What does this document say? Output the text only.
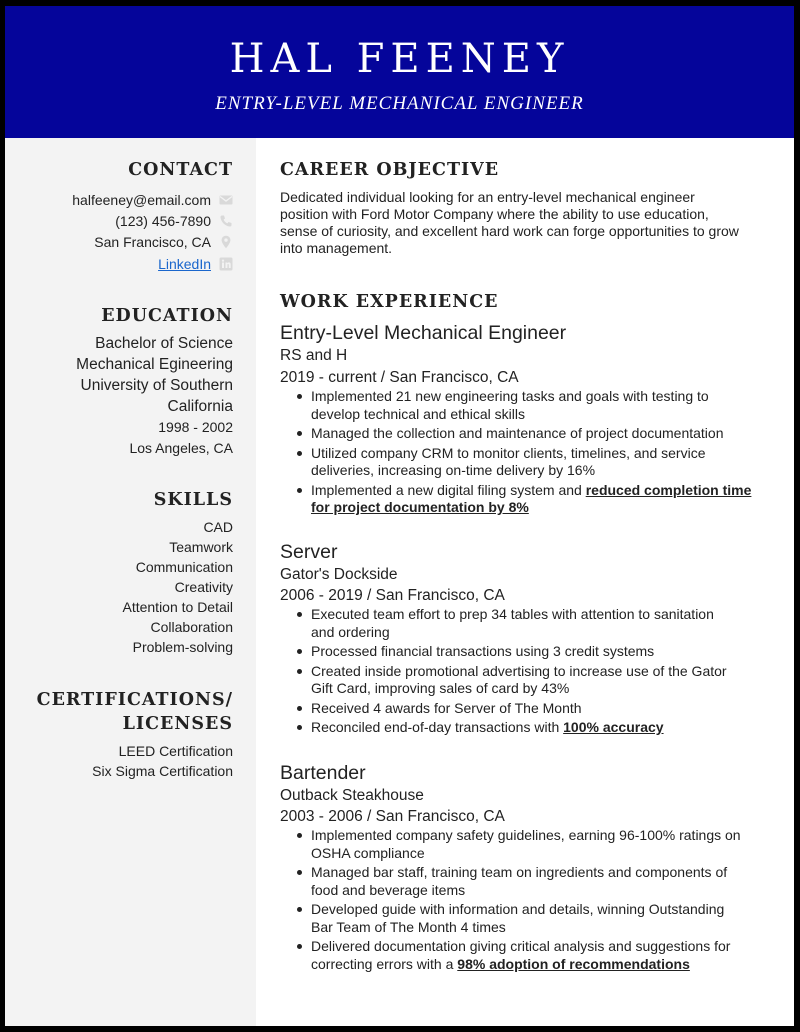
HAL FEENEY
ENTRY-LEVEL MECHANICAL ENGINEER
CONTACT
halfeeney@email.com
(123) 456-7890
San Francisco, CA
LinkedIn
EDUCATION
Bachelor of Science
Mechanical Egineering
University of Southern
California
1998 - 2002
Los Angeles, CA
SKILLS
CAD
Teamwork
Communication
Creativity
Attention to Detail
Collaboration
Problem-solving
CERTIFICATIONS/
LICENSES
LEED Certification
Six Sigma Certification
CAREER OBJECTIVE
Dedicated individual looking for an entry-level mechanical engineer
position with Ford Motor Company where the ability to use education,
sense of curiosity, and excellent hard work can forge opportunities to grow
into management.
WORK EXPERIENCE
Entry-Level Mechanical Engineer
RS and H
2019 - current / San Francisco, CA
Implemented 21 new engineering tasks and goals with testing to
develop technical and ethical skills
Managed the collection and maintenance of project documentation
Utilized company CRM to monitor clients, timelines, and service
deliveries, increasing on-time delivery by 16%
Implemented a new digital filing system and reduced completion time
for project documentation by 8%
Server
Gator's Dockside
2006 - 2019 / San Francisco, CA
Executed team effort to prep 34 tables with attention to sanitation
and ordering
Processed financial transactions using 3 credit systems
Created inside promotional advertising to increase use of the Gator
Gift Card, improving sales of card by 43%
Received 4 awards for Server of The Month
Reconciled end-of-day transactions with 100% accuracy
Bartender
Outback Steakhouse
2003 - 2006 / San Francisco, CA
Implemented company safety guidelines, earning 96-100% ratings on
OSHA compliance
Managed bar staff, training team on ingredients and components of
food and beverage items
Developed guide with information and details, winning Outstanding
Bar Team of The Month 4 times
Delivered documentation giving critical analysis and suggestions for
correcting errors with a 98% adoption of recommendations
